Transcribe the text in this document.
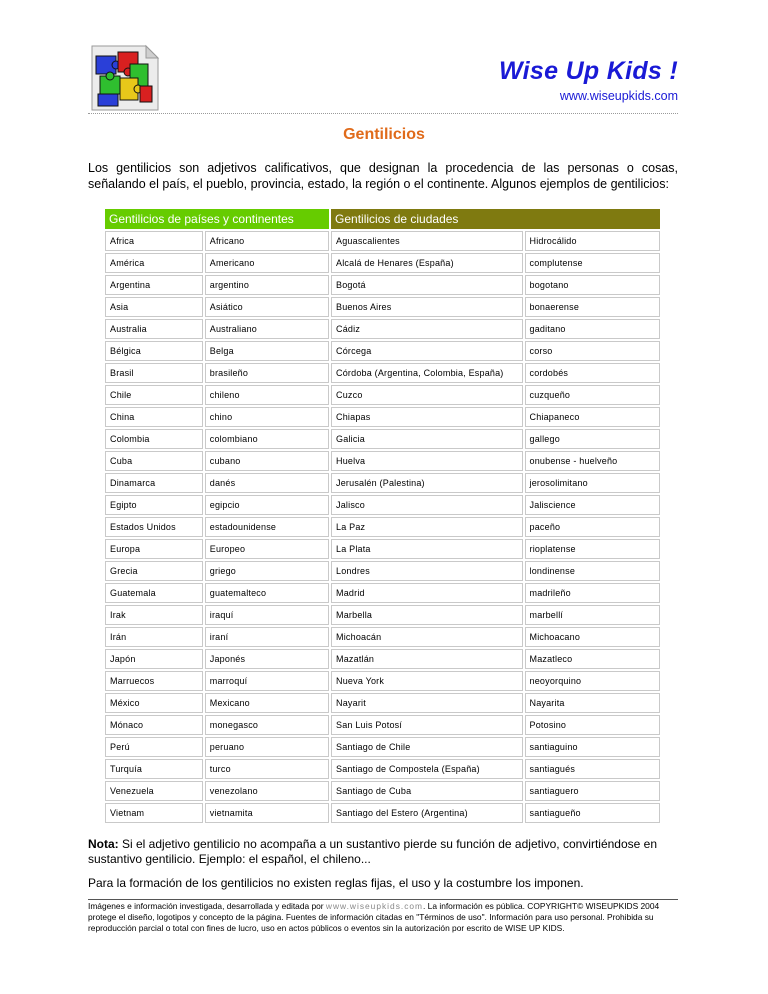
Wise Up Kids !
www.wiseupkids.com
Gentilicios
Los gentilicios son adjetivos calificativos, que designan la procedencia de las personas o cosas, señalando el país, el pueblo, provincia, estado, la región o el continente. Algunos ejemplos de gentilicios:
Gentilicios de países y continentes		Gentilicios de ciudades	
Africa	Africano	Aguascalientes	Hidrocálido
América	Americano	Alcalá de Henares (España)	complutense
Argentina	argentino	Bogotá	bogotano
Asia	Asiático	Buenos Aires	bonaerense
Australia	Australiano	Cádiz	gaditano
Bélgica	Belga	Córcega	corso
Brasil	brasileño	Córdoba (Argentina, Colombia, España)	cordobés
Chile	chileno	Cuzco	cuzqueño
China	chino	Chiapas	Chiapaneco
Colombia	colombiano	Galicia	gallego
Cuba	cubano	Huelva	onubense - huelveño
Dinamarca	danés	Jerusalén (Palestina)	jerosolimitano
Egipto	egipcio	Jalisco	Jaliscience
Estados Unidos	estadounidense	La Paz	paceño
Europa	Europeo	La Plata	rioplatense
Grecia	griego	Londres	londinense
Guatemala	guatemalteco	Madrid	madrileño
Irak	iraquí	Marbella	marbellí
Irán	iraní	Michoacán	Michoacano
Japón	Japonés	Mazatlán	Mazatleco
Marruecos	marroquí	Nueva York	neoyorquino
México	Mexicano	Nayarit	Nayarita
Mónaco	monegasco	San Luis Potosí	Potosino
Perú	peruano	Santiago de Chile	santiaguino
Turquía	turco	Santiago de Compostela (España)	santiagués
Venezuela	venezolano	Santiago de Cuba	santiaguero
Vietnam	vietnamita	Santiago del Estero (Argentina)	santiagueño
Nota: Si el adjetivo gentilicio no acompaña a un sustantivo pierde su función de adjetivo, convirtiéndose en sustantivo gentilicio. Ejemplo: el español, el chileno...
Para la formación de los gentilicios no existen reglas fijas, el uso y la costumbre los imponen.
Imágenes e información investigada, desarrollada y editada por www.wiseupkids.com. La información es pública. COPYRIGHT© WISEUPKIDS 2004 protege el diseño, logotipos y concepto de la página. Fuentes de información citadas en "Términos de uso". Información para uso personal. Prohibida su reproducción parcial o total con fines de lucro, uso en actos públicos o eventos sin la autorización por escrito de WISE UP KIDS.
